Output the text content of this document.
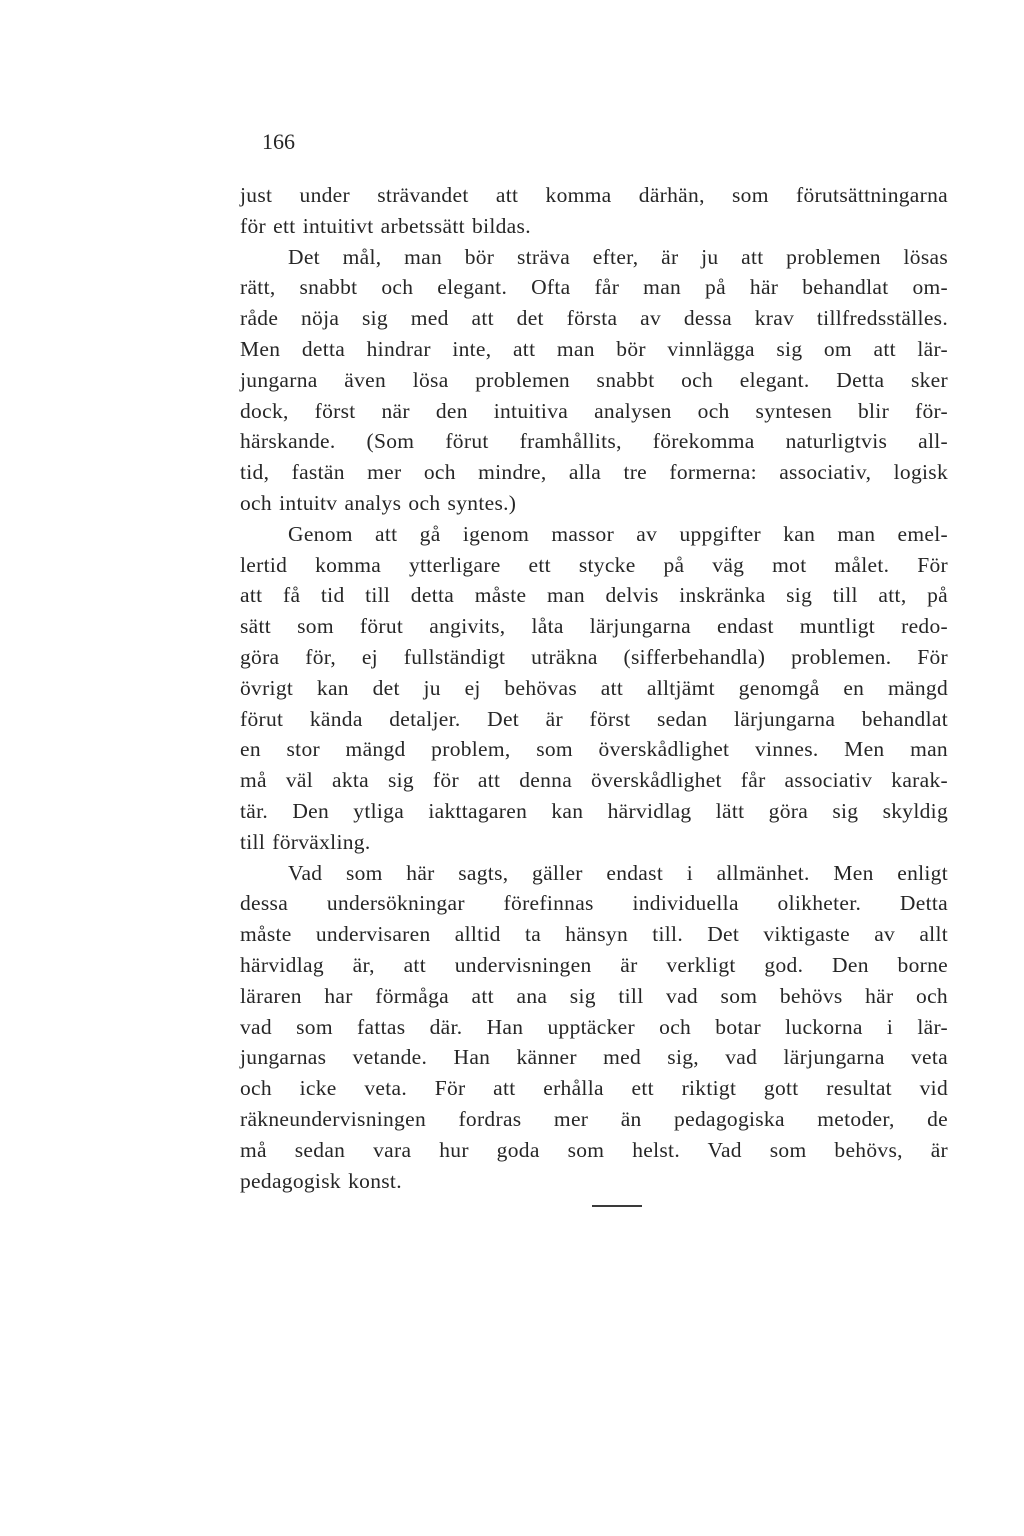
166
just under strävandet att komma därhän, som förutsättningarna
för ett intuitivt arbetssätt bildas.
Det mål, man bör sträva efter, är ju att problemen lösas
rätt, snabbt och elegant. Ofta får man på här behandlat om-
råde nöja sig med att det första av dessa krav tillfredsställes.
Men detta hindrar inte, att man bör vinnlägga sig om att lär-
jungarna även lösa problemen snabbt och elegant. Detta sker
dock, först när den intuitiva analysen och syntesen blir för-
härskande. (Som förut framhållits, förekomma naturligtvis all-
tid, fastän mer och mindre, alla tre formerna: associativ, logisk
och intuitv analys och syntes.)
Genom att gå igenom massor av uppgifter kan man emel-
lertid komma ytterligare ett stycke på väg mot målet. För
att få tid till detta måste man delvis inskränka sig till att, på
sätt som förut angivits, låta lärjungarna endast muntligt redo-
göra för, ej fullständigt uträkna (sifferbehandla) problemen. För
övrigt kan det ju ej behövas att alltjämt genomgå en mängd
förut kända detaljer. Det är först sedan lärjungarna behandlat
en stor mängd problem, som överskådlighet vinnes. Men man
må väl akta sig för att denna överskådlighet får associativ karak-
tär. Den ytliga iakttagaren kan härvidlag lätt göra sig skyldig
till förväxling.
Vad som här sagts, gäller endast i allmänhet. Men enligt
dessa undersökningar förefinnas individuella olikheter. Detta
måste undervisaren alltid ta hänsyn till. Det viktigaste av allt
härvidlag är, att undervisningen är verkligt god. Den borne
läraren har förmåga att ana sig till vad som behövs här och
vad som fattas där. Han upptäcker och botar luckorna i lär-
jungarnas vetande. Han känner med sig, vad lärjungarna veta
och icke veta. För att erhålla ett riktigt gott resultat vid
räkneundervisningen fordras mer än pedagogiska metoder, de
må sedan vara hur goda som helst. Vad som behövs, är
pedagogisk konst.
